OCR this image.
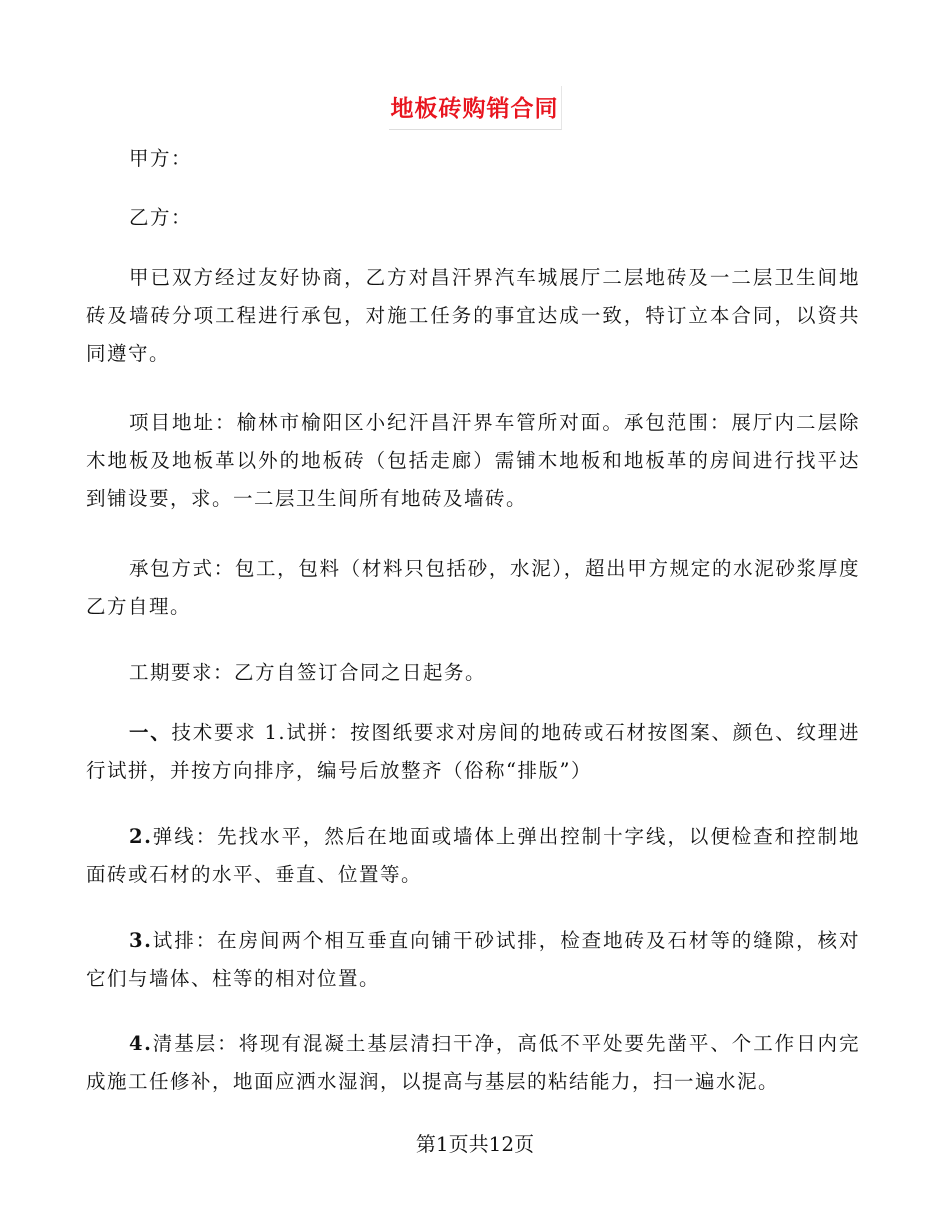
地板砖购销合同

甲方：

乙方：

甲已双方经过友好协商，乙方对昌汗界汽车城展厅二层地砖及一二层卫生间地砖及墙砖分项工程进行承包，对施工任务的事宜达成一致，特订立本合同，以资共同遵守。

项目地址：榆林市榆阳区小纪汗昌汗界车管所对面。承包范围：展厅内二层除木地板及地板革以外的地板砖（包括走廊）需铺木地板和地板革的房间进行找平达到铺设要，求。一二层卫生间所有地砖及墙砖。

承包方式：包工，包料（材料只包括砂，水泥），超出甲方规定的水泥砂浆厚度乙方自理。

工期要求：乙方自签订合同之日起务。

一、技术要求 1.试拼：按图纸要求对房间的地砖或石材按图案、颜色、纹理进行试拼，并按方向排序，编号后放整齐（俗称“排版”）

2.弹线：先找水平，然后在地面或墙体上弹出控制十字线，以便检查和控制地面砖或石材的水平、垂直、位置等。

3.试排：在房间两个相互垂直向铺干砂试排，检查地砖及石材等的缝隙，核对它们与墙体、柱等的相对位置。

4.清基层：将现有混凝土基层清扫干净，高低不平处要先凿平、个工作日内完成施工任修补，地面应洒水湿润，以提高与基层的粘结能力，扫一遍水泥。

第1页共12页
